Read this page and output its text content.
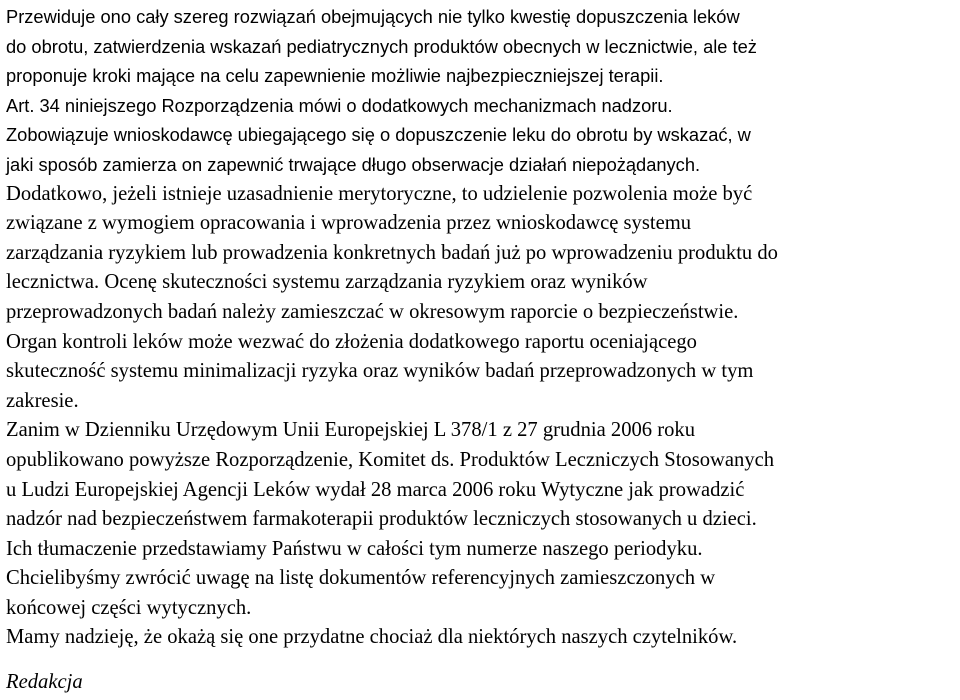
Przewiduje ono cały szereg rozwiązań obejmujących nie tylko kwestię dopuszczenia leków
do obrotu, zatwierdzenia wskazań pediatrycznych produktów obecnych w lecznictwie, ale też
proponuje kroki mające na celu zapewnienie możliwie najbezpieczniejszej terapii.
Art. 34 niniejszego Rozporządzenia mówi o dodatkowych mechanizmach nadzoru.
Zobowiązuje wnioskodawcę ubiegającego się o dopuszczenie leku do obrotu by wskazać, w
jaki sposób zamierza on zapewnić trwające długo obserwacje działań niepożądanych.
Dodatkowo, jeżeli istnieje uzasadnienie merytoryczne, to udzielenie pozwolenia może być
związane z wymogiem opracowania i wprowadzenia przez wnioskodawcę systemu
zarządzania ryzykiem lub prowadzenia konkretnych badań już po wprowadzeniu produktu do
lecznictwa. Ocenę skuteczności systemu zarządzania ryzykiem oraz wyników
przeprowadzonych badań należy zamieszczać w okresowym raporcie o bezpieczeństwie.
Organ kontroli leków może wezwać do złożenia dodatkowego raportu oceniającego
skuteczność systemu minimalizacji ryzyka oraz wyników badań przeprowadzonych w tym
zakresie.
Zanim w Dzienniku Urzędowym Unii Europejskiej L 378/1 z 27 grudnia 2006 roku
opublikowano powyższe Rozporządzenie, Komitet ds. Produktów Leczniczych Stosowanych
u Ludzi Europejskiej Agencji Leków wydał 28 marca 2006 roku Wytyczne jak prowadzić
nadzór nad bezpieczeństwem farmakoterapii produktów leczniczych stosowanych u dzieci.
Ich tłumaczenie przedstawiamy Państwu w całości tym numerze naszego periodyku.
Chcielibyśmy zwrócić uwagę na listę dokumentów referencyjnych zamieszczonych w
końcowej części wytycznych.
Mamy nadzieję, że okażą się one przydatne chociaż dla niektórych naszych czytelników.
Redakcja
